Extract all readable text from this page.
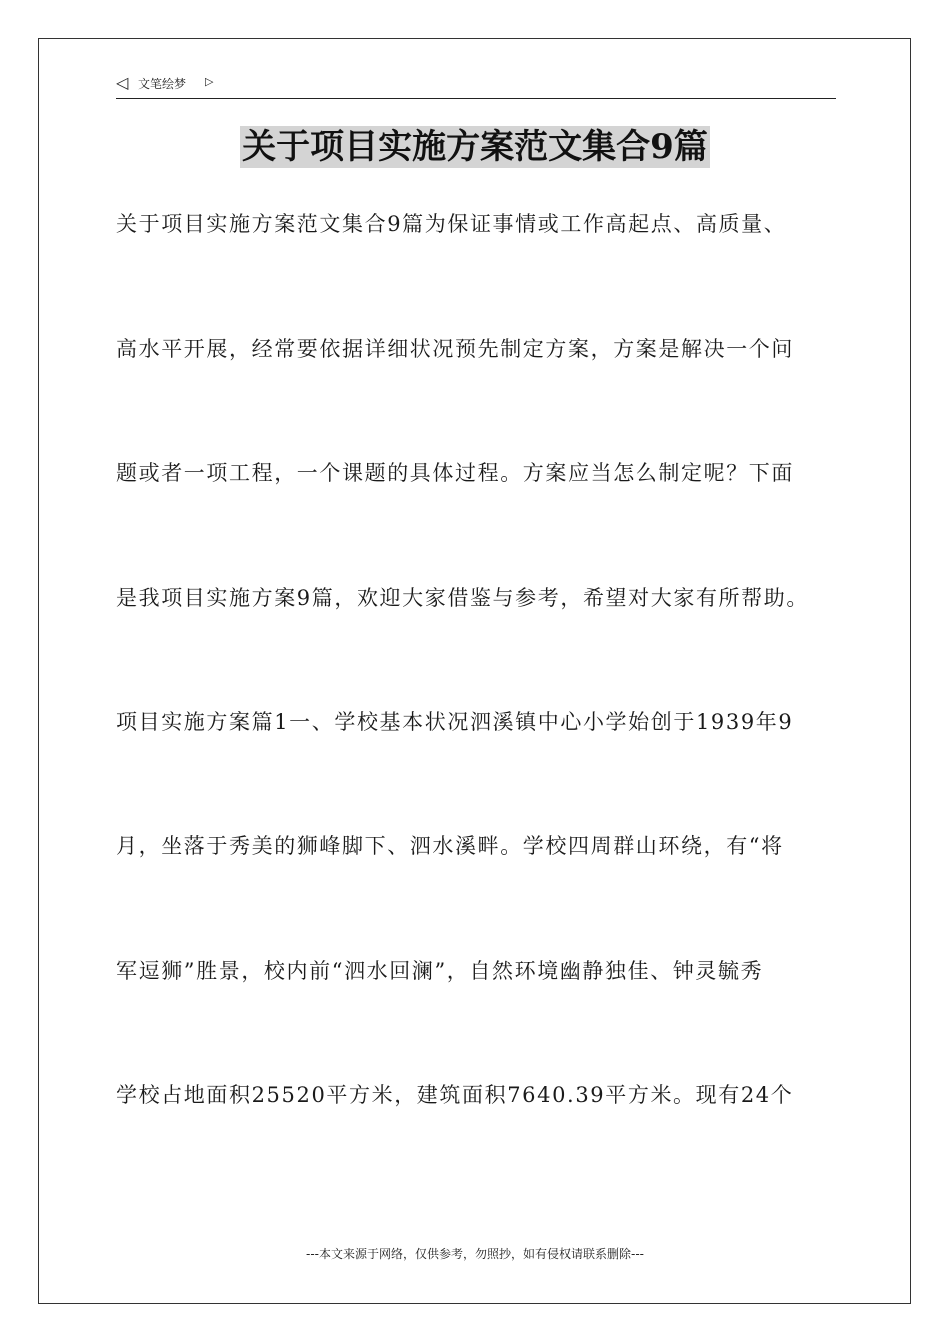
◁ 文笔绘梦 ▷
关于项目实施方案范文集合9篇
关于项目实施方案范文集合9篇为保证事情或工作高起点、高质量、
高水平开展，经常要依据详细状况预先制定方案，方案是解决一个问
题或者一项工程，一个课题的具体过程。方案应当怎么制定呢？下面
是我项目实施方案9篇，欢迎大家借鉴与参考，希望对大家有所帮助。
项目实施方案篇1一、学校基本状况泗溪镇中心小学始创于1939年9
月，坐落于秀美的狮峰脚下、泗水溪畔。学校四周群山环绕，有“将
军逗狮”胜景，校内前“泗水回澜”，自然环境幽静独佳、钟灵毓秀
学校占地面积25520平方米，建筑面积7640.39平方米。现有24个
---本文来源于网络，仅供参考，勿照抄，如有侵权请联系删除---
